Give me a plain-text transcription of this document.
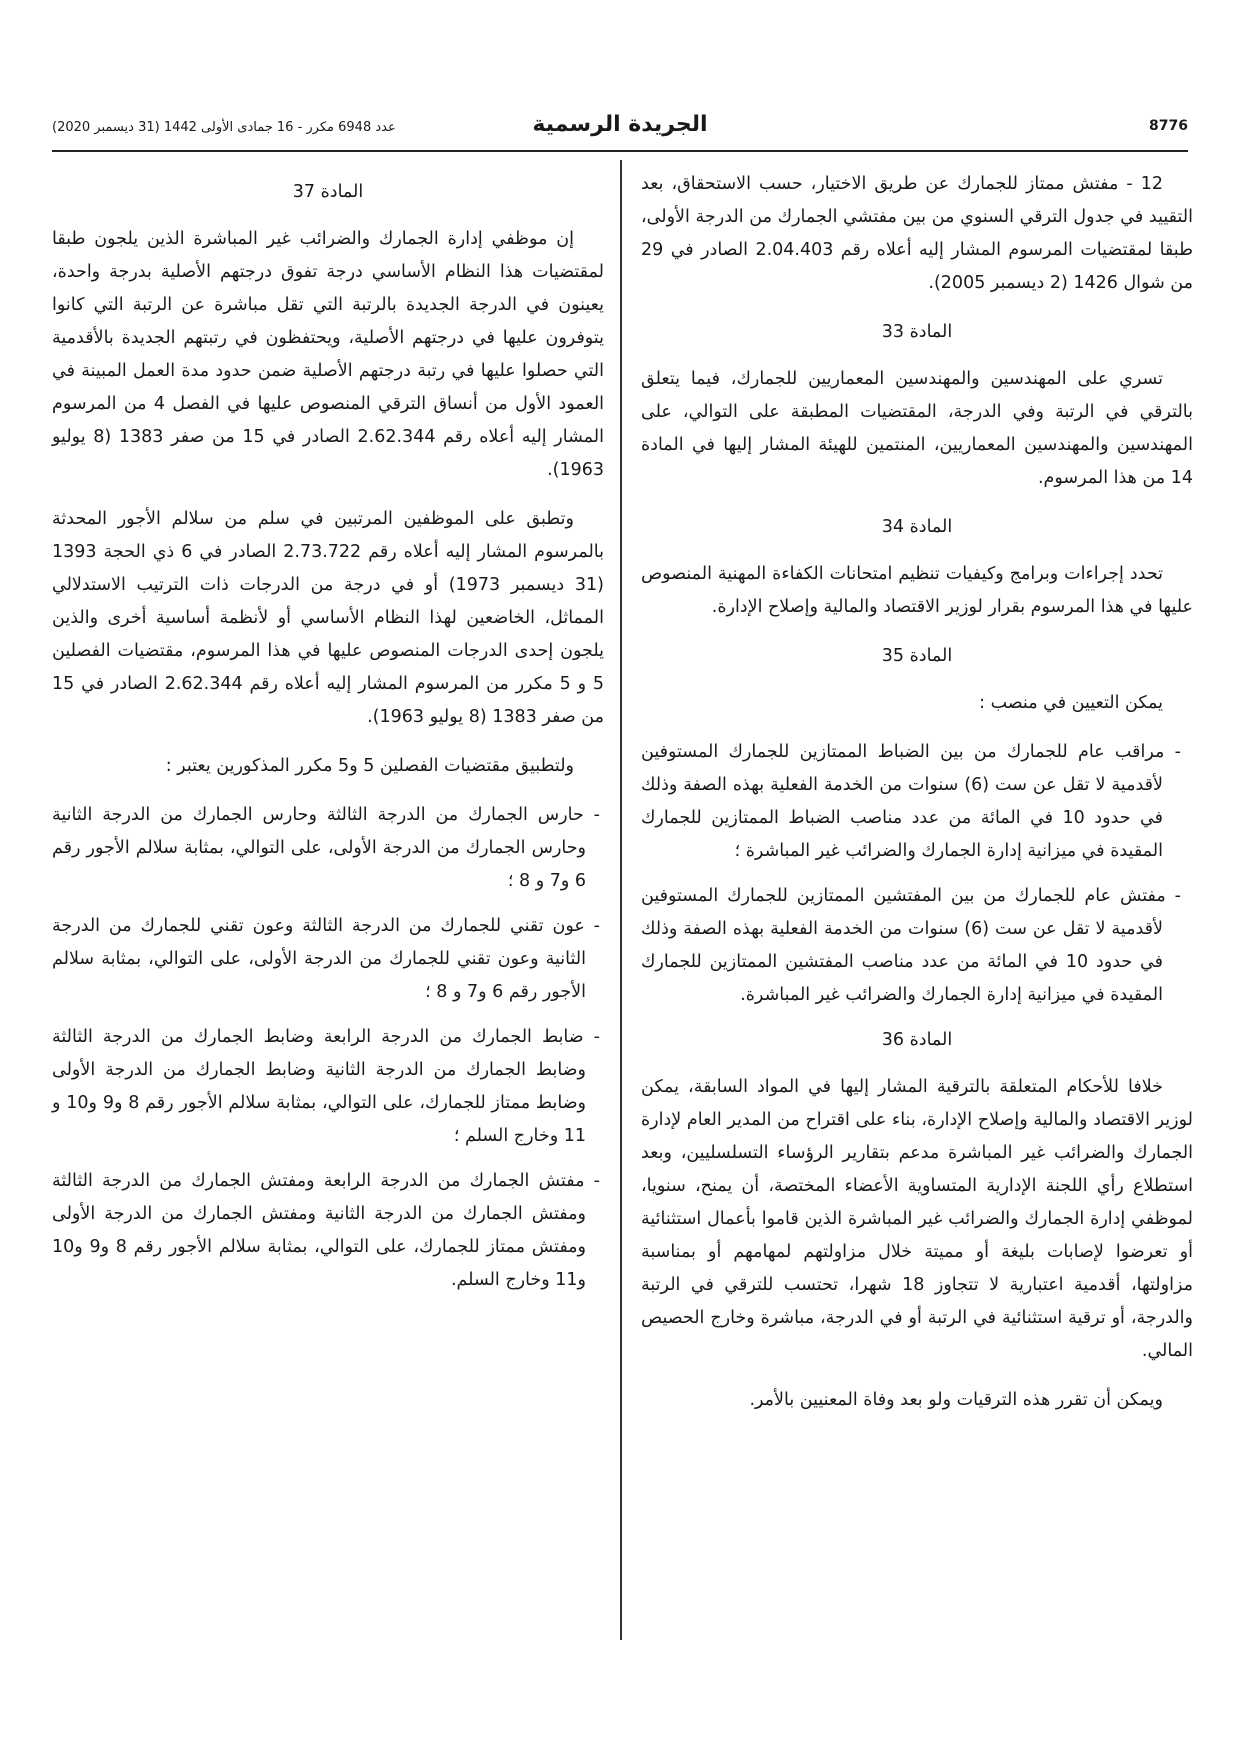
8776
الجريدة الرسمية
عدد 6948 مكرر - 16 جمادى الأولى 1442 (31 ديسمبر 2020)

12 - مفتش ممتاز للجمارك عن طريق الاختيار، حسب الاستحقاق، بعد التقييد في جدول الترقي السنوي من بين مفتشي الجمارك من الدرجة الأولى، طبقا لمقتضيات المرسوم المشار إليه أعلاه رقم 2.04.403 الصادر في 29 من شوال 1426 (2 ديسمبر 2005).

المادة 33

تسري على المهندسين والمهندسين المعماريين للجمارك، فيما يتعلق بالترقي في الرتبة وفي الدرجة، المقتضيات المطبقة على التوالي، على المهندسين والمهندسين المعماريين، المنتمين للهيئة المشار إليها في المادة 14 من هذا المرسوم.

المادة 34

تحدد إجراءات وبرامج وكيفيات تنظيم امتحانات الكفاءة المهنية المنصوص عليها في هذا المرسوم بقرار لوزير الاقتصاد والمالية وإصلاح الإدارة.

المادة 35

يمكن التعيين في منصب :

- مراقب عام للجمارك من بين الضباط الممتازين للجمارك المستوفين لأقدمية لا تقل عن ست (6) سنوات من الخدمة الفعلية بهذه الصفة وذلك في حدود 10 في المائة من عدد مناصب الضباط الممتازين للجمارك المقيدة في ميزانية إدارة الجمارك والضرائب غير المباشرة ؛

- مفتش عام للجمارك من بين المفتشين الممتازين للجمارك المستوفين لأقدمية لا تقل عن ست (6) سنوات من الخدمة الفعلية بهذه الصفة وذلك في حدود 10 في المائة من عدد مناصب المفتشين الممتازين للجمارك المقيدة في ميزانية إدارة الجمارك والضرائب غير المباشرة.

المادة 36

خلافا للأحكام المتعلقة بالترقية المشار إليها في المواد السابقة، يمكن لوزير الاقتصاد والمالية وإصلاح الإدارة، بناء على اقتراح من المدير العام لإدارة الجمارك والضرائب غير المباشرة مدعم بتقارير الرؤساء التسلسليين، وبعد استطلاع رأي اللجنة الإدارية المتساوية الأعضاء المختصة، أن يمنح، سنويا، لموظفي إدارة الجمارك والضرائب غير المباشرة الذين قاموا بأعمال استثنائية أو تعرضوا لإصابات بليغة أو مميتة خلال مزاولتهم لمهامهم أو بمناسبة مزاولتها، أقدمية اعتبارية لا تتجاوز 18 شهرا، تحتسب للترقي في الرتبة والدرجة، أو ترقية استثنائية في الرتبة أو في الدرجة، مباشرة وخارج الحصيص المالي.

ويمكن أن تقرر هذه الترقيات ولو بعد وفاة المعنيين بالأمر.

المادة 37

إن موظفي إدارة الجمارك والضرائب غير المباشرة الذين يلجون طبقا لمقتضيات هذا النظام الأساسي درجة تفوق درجتهم الأصلية بدرجة واحدة، يعينون في الدرجة الجديدة بالرتبة التي تقل مباشرة عن الرتبة التي كانوا يتوفرون عليها في درجتهم الأصلية، ويحتفظون في رتبتهم الجديدة بالأقدمية التي حصلوا عليها في رتبة درجتهم الأصلية ضمن حدود مدة العمل المبينة في العمود الأول من أنساق الترقي المنصوص عليها في الفصل 4 من المرسوم المشار إليه أعلاه رقم 2.62.344 الصادر في 15 من صفر 1383 (8 يوليو 1963).

وتطبق على الموظفين المرتبين في سلم من سلالم الأجور المحدثة بالمرسوم المشار إليه أعلاه رقم 2.73.722 الصادر في 6 ذي الحجة 1393 (31 ديسمبر 1973) أو في درجة من الدرجات ذات الترتيب الاستدلالي المماثل، الخاضعين لهذا النظام الأساسي أو لأنظمة أساسية أخرى والذين يلجون إحدى الدرجات المنصوص عليها في هذا المرسوم، مقتضيات الفصلين 5 و 5 مكرر من المرسوم المشار إليه أعلاه رقم 2.62.344 الصادر في 15 من صفر 1383 (8 يوليو 1963).

ولتطبيق مقتضيات الفصلين 5 و5 مكرر المذكورين يعتبر :

- حارس الجمارك من الدرجة الثالثة وحارس الجمارك من الدرجة الثانية وحارس الجمارك من الدرجة الأولى، على التوالي، بمثابة سلالم الأجور رقم 6 و7 و 8 ؛

- عون تقني للجمارك من الدرجة الثالثة وعون تقني للجمارك من الدرجة الثانية وعون تقني للجمارك من الدرجة الأولى، على التوالي، بمثابة سلالم الأجور رقم 6 و7 و 8 ؛

- ضابط الجمارك من الدرجة الرابعة وضابط الجمارك من الدرجة الثالثة وضابط الجمارك من الدرجة الثانية وضابط الجمارك من الدرجة الأولى وضابط ممتاز للجمارك، على التوالي، بمثابة سلالم الأجور رقم 8 و9 و10 و 11 وخارج السلم ؛

- مفتش الجمارك من الدرجة الرابعة ومفتش الجمارك من الدرجة الثالثة ومفتش الجمارك من الدرجة الثانية ومفتش الجمارك من الدرجة الأولى ومفتش ممتاز للجمارك، على التوالي، بمثابة سلالم الأجور رقم 8 و9 و10 و11 وخارج السلم.
